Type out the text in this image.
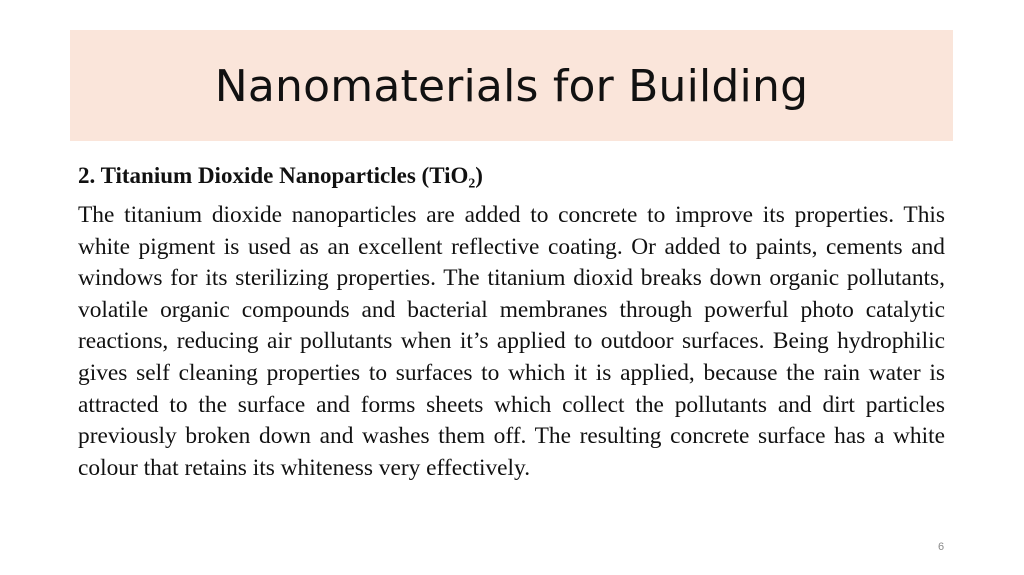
Nanomaterials for Building

2. Titanium Dioxide Nanoparticles (TiO₂)

The titanium dioxide nanoparticles are added to concrete to improve its properties. This white pigment is used as an excellent reflective coating. Or added to paints, cements and windows for its sterilizing properties. The titanium dioxid breaks down organic pollutants, volatile organic compounds and bacterial membranes through powerful photo catalytic reactions, reducing air pollutants when it’s applied to outdoor surfaces. Being hydrophilic gives self cleaning properties to surfaces to which it is applied, because the rain water is attracted to the surface and forms sheets which collect the pollutants and dirt particles previously broken down and washes them off. The resulting concrete surface has a white colour that retains its whiteness very effectively.

6
